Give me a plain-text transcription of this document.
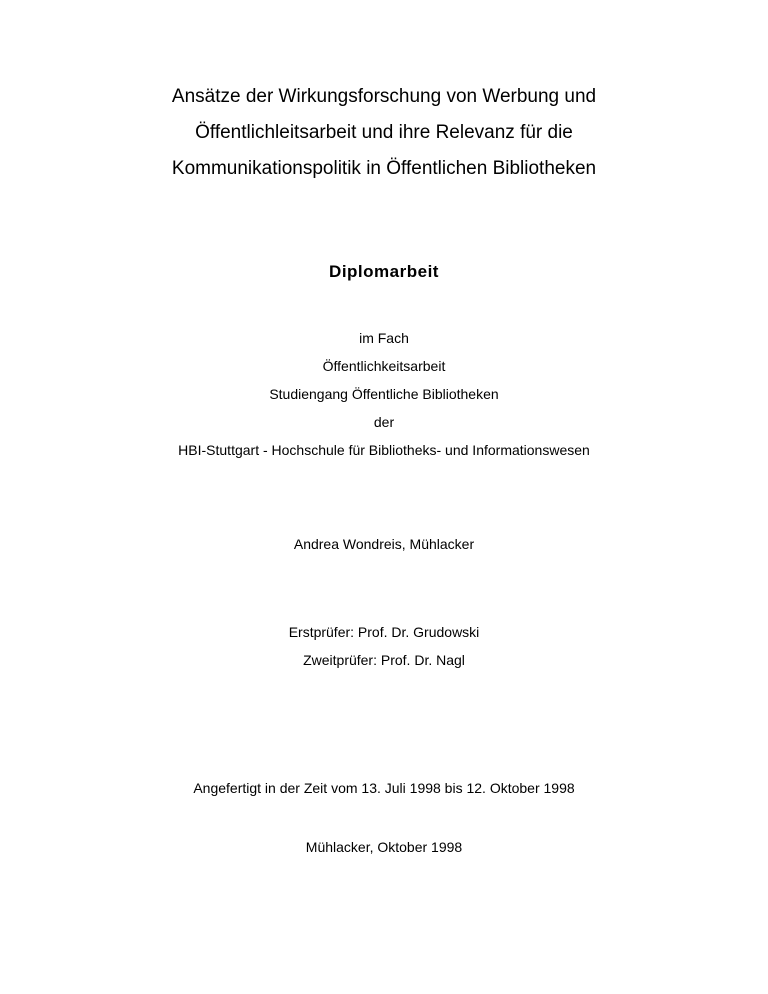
Ansätze der Wirkungsforschung von Werbung und
Öffentlichleitsarbeit und ihre Relevanz für die
Kommunikationspolitik in Öffentlichen Bibliotheken
Diplomarbeit
im Fach
Öffentlichkeitsarbeit
Studiengang Öffentliche Bibliotheken
der
HBI-Stuttgart - Hochschule für Bibliotheks- und Informationswesen
Andrea Wondreis, Mühlacker
Erstprüfer: Prof. Dr. Grudowski
Zweitprüfer: Prof. Dr. Nagl
Angefertigt in der Zeit vom 13. Juli 1998 bis 12. Oktober 1998
Mühlacker, Oktober 1998
